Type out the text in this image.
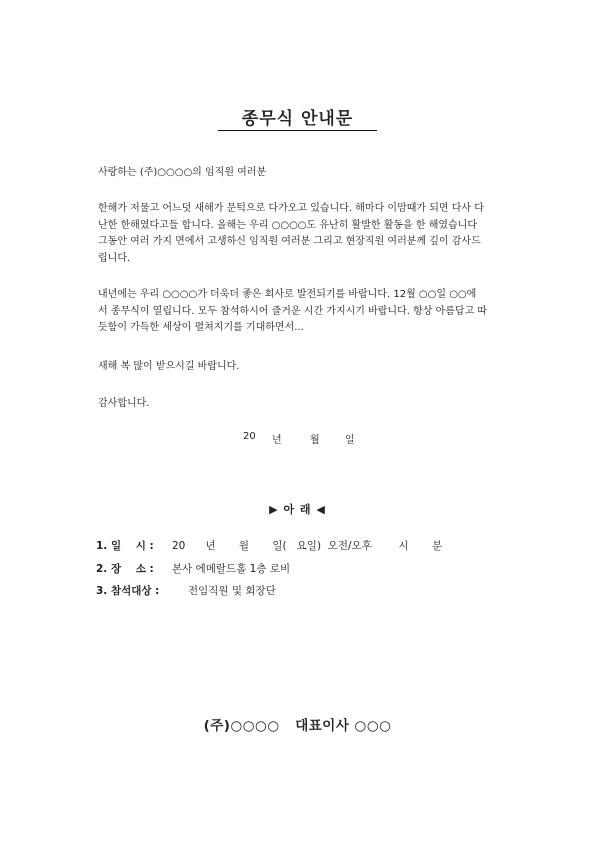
종무식 안내문
사랑하는 (주)○○○○의 임직원 여러분
한해가 저물고 어느덧 새해가 문턱으로 다가오고 있습니다. 해마다 이맘때가 되면 다사 다
난한 한해였다고들 합니다. 올해는 우리 ○○○○도 유난히 활발한 활동을 한 해였습니다
그동안 여러 가지 면에서 고생하신 임직원 여러분 그리고 현장직원 여러분께 깊이 감사드
립니다.
내년에는 우리 ○○○○가 더욱더 좋은 회사로 발전되기를 바랍니다. 12월 ○○일 ○○에
서 종무식이 열립니다. 모두 참석하시어 즐거운 시간 가지시기 바랍니다. 항상 아름답고 따
듯함이 가득한 세상이 펼쳐지기를 기대하면서...
새해 복 많이 받으시길 바랍니다.
감사합니다.
20 년	월	일
▶ 아 래 ◀
1. 일    시 : 20      년       월       일(   요일)  오전/오후        시       분
2. 장    소 : 본사 에메랄드홀 1층 로비
3. 참석대상 :	전임직원 및 회장단
(주)○○○○   대표이사 ○○○
